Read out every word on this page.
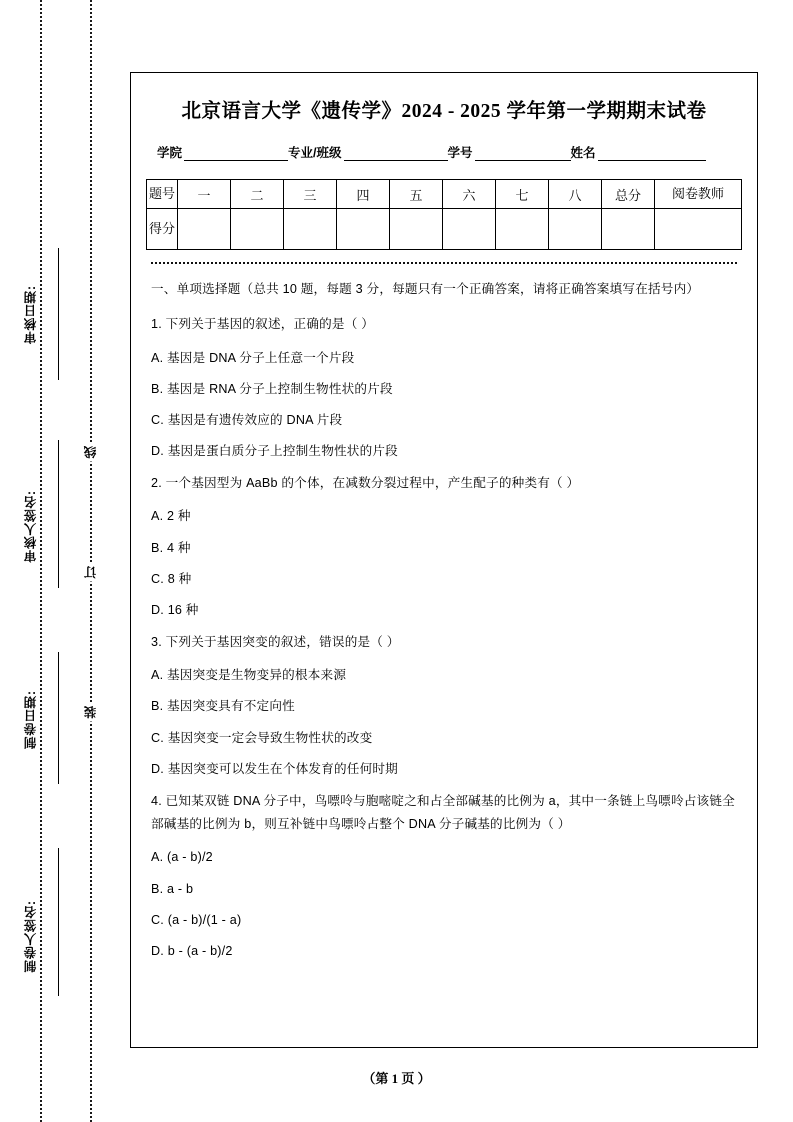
审核日期:
审核人签名:
制卷日期:
制卷人签名:
线
订
装
北京语言大学《遗传学》2024 - 2025 学年第一学期期末试卷
学院	专业/班级	学号	姓名
题号	一	二	三	四	五	六	七	八	总分	阅卷教师
得分										
一、单项选择题（总共 10 题，每题 3 分，每题只有一个正确答案，请将正确答案填写在括号内）
1. 下列关于基因的叙述，正确的是（ ）
A. 基因是 DNA 分子上任意一个片段
B. 基因是 RNA 分子上控制生物性状的片段
C. 基因是有遗传效应的 DNA 片段
D. 基因是蛋白质分子上控制生物性状的片段
2. 一个基因型为 AaBb 的个体，在减数分裂过程中，产生配子的种类有（ ）
A. 2 种
B. 4 种
C. 8 种
D. 16 种
3. 下列关于基因突变的叙述，错误的是（ ）
A. 基因突变是生物变异的根本来源
B. 基因突变具有不定向性
C. 基因突变一定会导致生物性状的改变
D. 基因突变可以发生在个体发育的任何时期
4. 已知某双链 DNA 分子中，鸟嘌呤与胞嘧啶之和占全部碱基的比例为 a，其中一条链上鸟嘌呤占该链全部碱基的比例为 b，则互补链中鸟嘌呤占整个 DNA 分子碱基的比例为（ ）
A. (a - b)/2
B. a - b
C. (a - b)/(1 - a)
D. b - (a - b)/2
（第 1 页 ）
